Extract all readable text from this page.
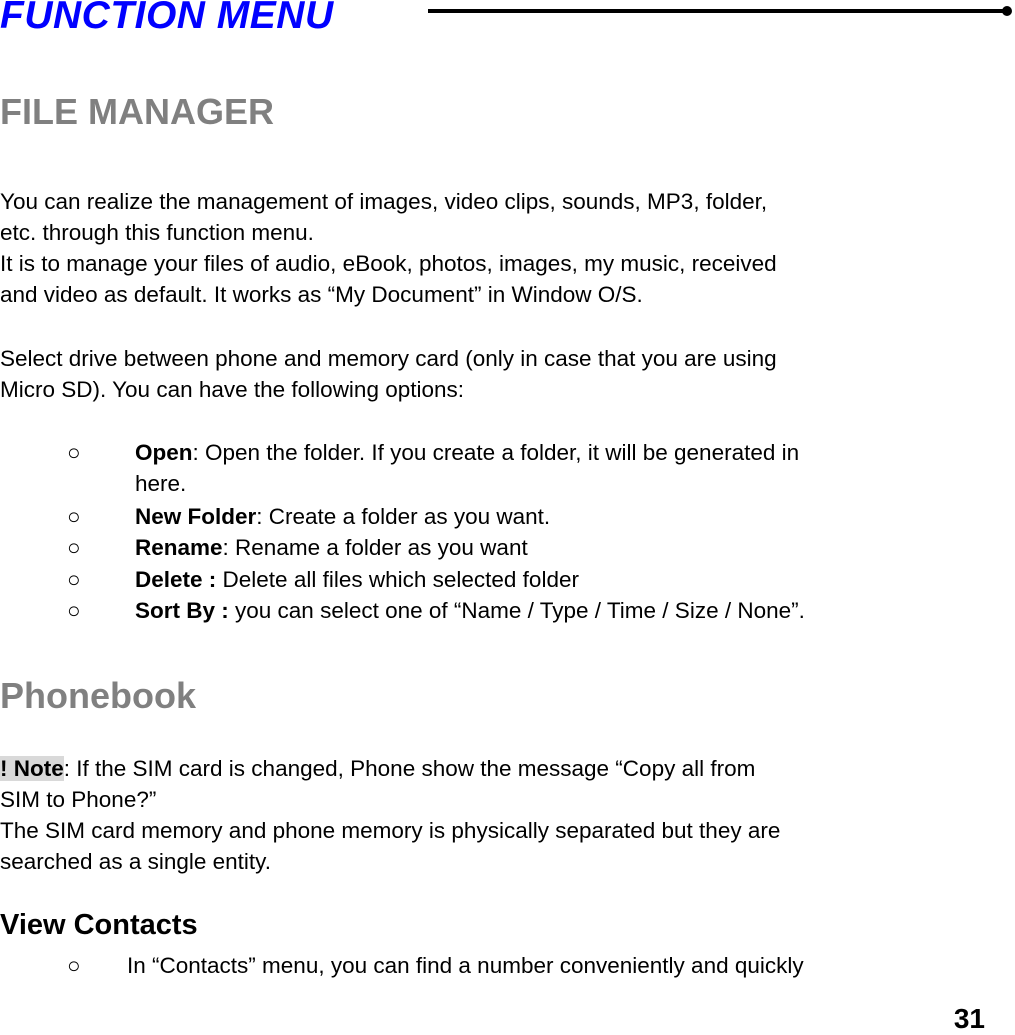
FUNCTION MENU
FILE MANAGER
You can realize the management of images, video clips, sounds, MP3, folder,
etc. through this function menu.
It is to manage your files of audio, eBook, photos, images, my music, received
and video as default. It works as “My Document” in Window O/S.
Select drive between phone and memory card (only in case that you are using
Micro SD). You can have the following options:
○ Open: Open the folder. If you create a folder, it will be generated in
here.
○ New Folder: Create a folder as you want.
○ Rename: Rename a folder as you want
○ Delete : Delete all files which selected folder
○ Sort By : you can select one of “Name / Type / Time / Size / None”.
Phonebook
! Note: If the SIM card is changed, Phone show the message “Copy all from
SIM to Phone?”
The SIM card memory and phone memory is physically separated but they are
searched as a single entity.
View Contacts
○ In “Contacts” menu, you can find a number conveniently and quickly
31
